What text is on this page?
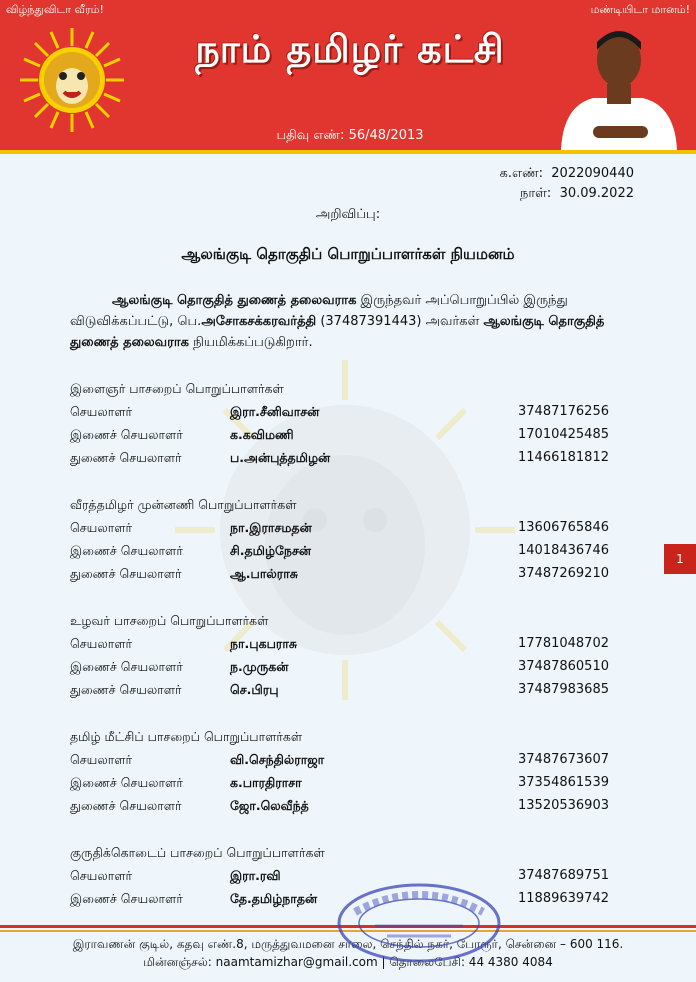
விழ்ந்துவிடா வீரம்!	மண்டியிடா மானம்!
நாம் தமிழர் கட்சி
பதிவு எண்: 56/48/2013
க.எண்: 2022090440
நாள்: 30.09.2022
அறிவிப்பு:
ஆலங்குடி தொகுதிப் பொறுப்பாளர்கள் நியமனம்
ஆலங்குடி தொகுதித் துணைத் தலைவராக இருந்தவர் அப்பொறுப்பில் இருந்து விடுவிக்கப்பட்டு, பெ.அசோகசக்கரவர்த்தி (37487391443) அவர்கள் ஆலங்குடி தொகுதித் துணைத் தலைவராக நியமிக்கப்படுகிறார்.
இளைஞர் பாசறைப் பொறுப்பாளர்கள்
செயலாளர்	இரா.சீனிவாசன்	37487176256
இணைச் செயலாளர்	க.கவிமணி	17010425485
துணைச் செயலாளர்	ப.அன்புத்தமிழன்	11466181812
வீரத்தமிழர் முன்னணி பொறுப்பாளர்கள்
செயலாளர்	நா.இராசமதன்	13606765846
இணைச் செயலாளர்	சி.தமிழ்நேசன்	14018436746
துணைச் செயலாளர்	ஆ.பால்ராசு	37487269210
உழவர் பாசறைப் பொறுப்பாளர்கள்
செயலாளர்	நா.புகபராசு	17781048702
இணைச் செயலாளர்	ந.முருகன்	37487860510
துணைச் செயலாளர்	செ.பிரபு	37487983685
தமிழ் மீட்சிப் பாசறைப் பொறுப்பாளர்கள்
செயலாளர்	வி.செந்தில்ராஜா	37487673607
இணைச் செயலாளர்	க.பாரதிராசா	37354861539
துணைச் செயலாளர்	ஜோ.லெவீந்த்	13520536903
குருதிக்கொடைப் பாசறைப் பொறுப்பாளர்கள்
செயலாளர்	இரா.ரவி	37487689751
இணைச் செயலாளர்	தே.தமிழ்நாதன்	11889639742
1
இராவணன் குடில், கதவு எண்.8, மருத்துவமனை சாலை, செந்தில் நகர், போரூர், சென்னை – 600 116.
மின்னஞ்சல்: naamtamizhar@gmail.com | தொலைபேசி: 44 4380 4084
